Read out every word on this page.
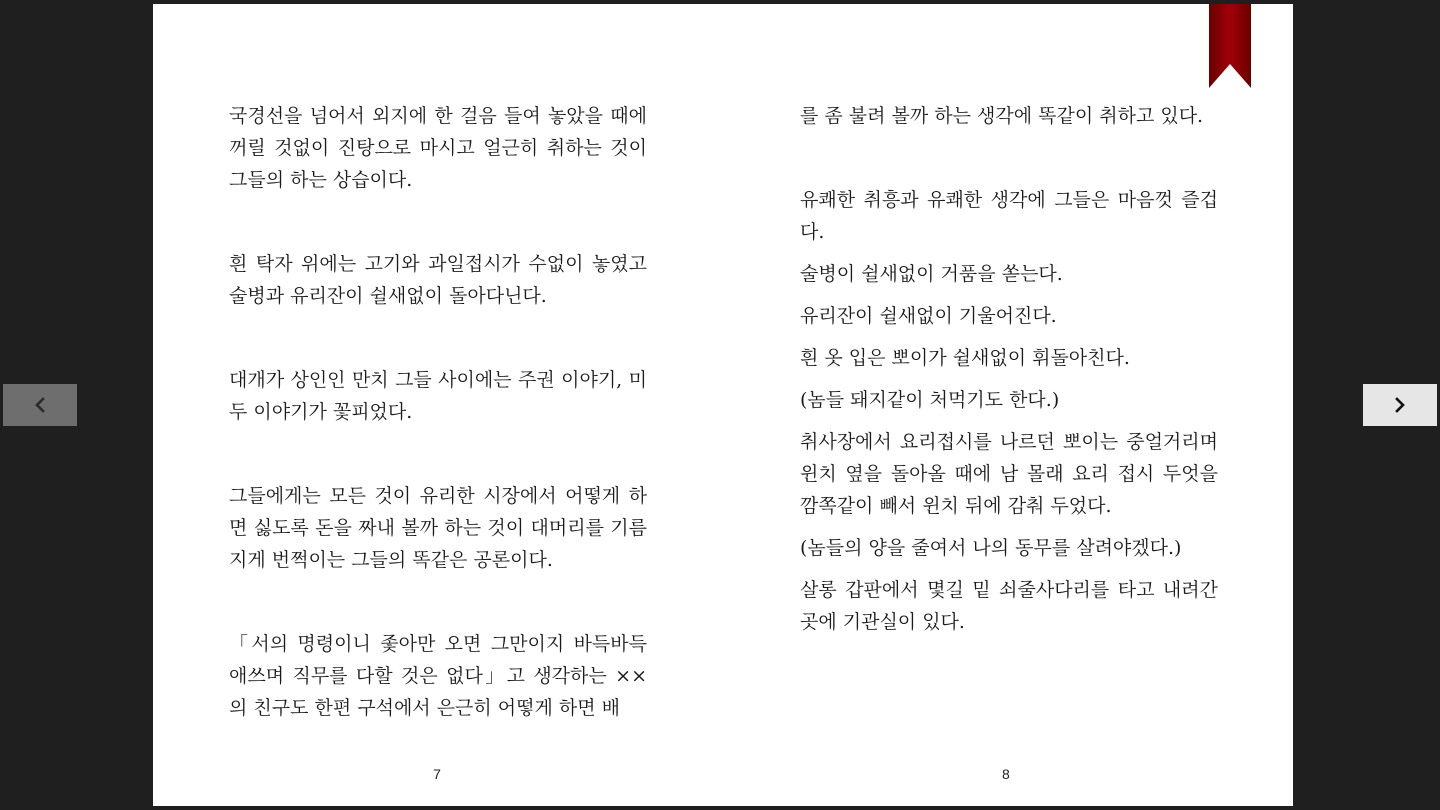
국경선을 넘어서 외지에 한 걸음 들여 놓았을 때에 꺼릴 것없이 진탕으로 마시고 얼근히 취하는 것이 그들의 하는 상습이다.

흰 탁자 위에는 고기와 과일접시가 수없이 놓였고 술병과 유리잔이 쉴새없이 돌아다닌다.

대개가 상인인 만치 그들 사이에는 주권 이야기, 미두 이야기가 꽃피었다.

그들에게는 모든 것이 유리한 시장에서 어떻게 하면 싫도록 돈을 짜내 볼까 하는 것이 대머리를 기름지게 번쩍이는 그들의 똑같은 공론이다.

「서의 명령이니 좇아만 오면 그만이지 바득바득 애쓰며 직무를 다할 것은 없다」고 생각하는 ×× 의 친구도 한편 구석에서 은근히 어떻게 하면 배

7

를 좀 불려 볼까 하는 생각에 똑같이 취하고 있다.

유쾌한 취흥과 유쾌한 생각에 그들은 마음껏 즐겁다.

술병이 쉴새없이 거품을 쏟는다.

유리잔이 쉴새없이 기울어진다.

흰 옷 입은 뽀이가 쉴새없이 휘돌아친다.

(놈들 돼지같이 처먹기도 한다.)

취사장에서 요리접시를 나르던 뽀이는 중얼거리며 윈치 옆을 돌아올 때에 남 몰래 요리 접시 두엇을 깜쪽같이 빼서 윈치 뒤에 감춰 두었다.

(놈들의 양을 줄여서 나의 동무를 살려야겠다.)

살롱 갑판에서 몇길 밑 쇠줄사다리를 타고 내려간 곳에 기관실이 있다.

8
